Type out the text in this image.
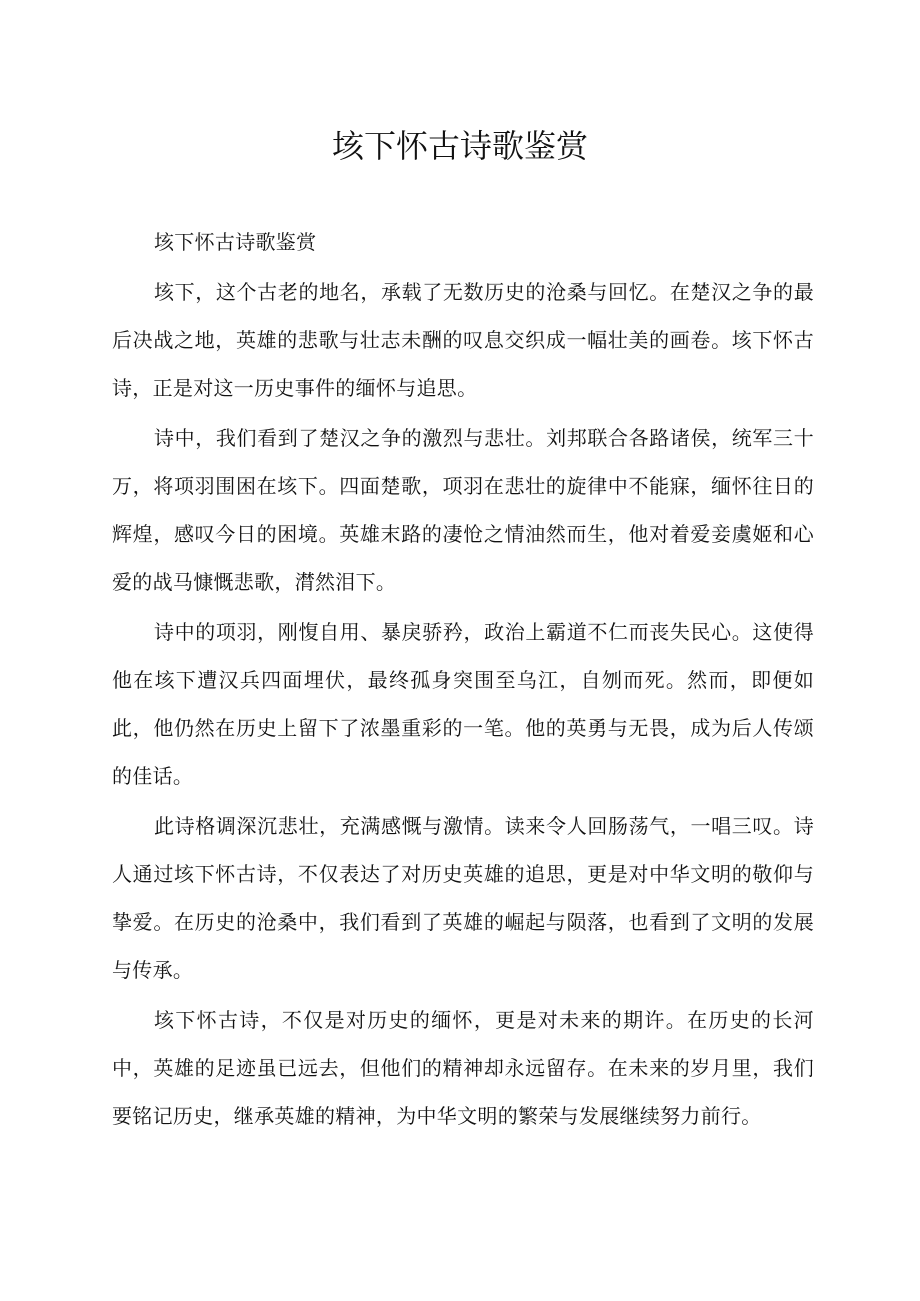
垓下怀古诗歌鉴赏

垓下怀古诗歌鉴赏

垓下，这个古老的地名，承载了无数历史的沧桑与回忆。在楚汉之争的最后决战之地，英雄的悲歌与壮志未酬的叹息交织成一幅壮美的画卷。垓下怀古诗，正是对这一历史事件的缅怀与追思。

诗中，我们看到了楚汉之争的激烈与悲壮。刘邦联合各路诸侯，统军三十万，将项羽围困在垓下。四面楚歌，项羽在悲壮的旋律中不能寐，缅怀往日的辉煌，感叹今日的困境。英雄末路的凄怆之情油然而生，他对着爱妾虞姬和心爱的战马慷慨悲歌，潸然泪下。

诗中的项羽，刚愎自用、暴戾骄矜，政治上霸道不仁而丧失民心。这使得他在垓下遭汉兵四面埋伏，最终孤身突围至乌江，自刎而死。然而，即便如此，他仍然在历史上留下了浓墨重彩的一笔。他的英勇与无畏，成为后人传颂的佳话。

此诗格调深沉悲壮，充满感慨与激情。读来令人回肠荡气，一唱三叹。诗人通过垓下怀古诗，不仅表达了对历史英雄的追思，更是对中华文明的敬仰与挚爱。在历史的沧桑中，我们看到了英雄的崛起与陨落，也看到了文明的发展与传承。

垓下怀古诗，不仅是对历史的缅怀，更是对未来的期许。在历史的长河中，英雄的足迹虽已远去，但他们的精神却永远留存。在未来的岁月里，我们要铭记历史，继承英雄的精神，为中华文明的繁荣与发展继续努力前行。
